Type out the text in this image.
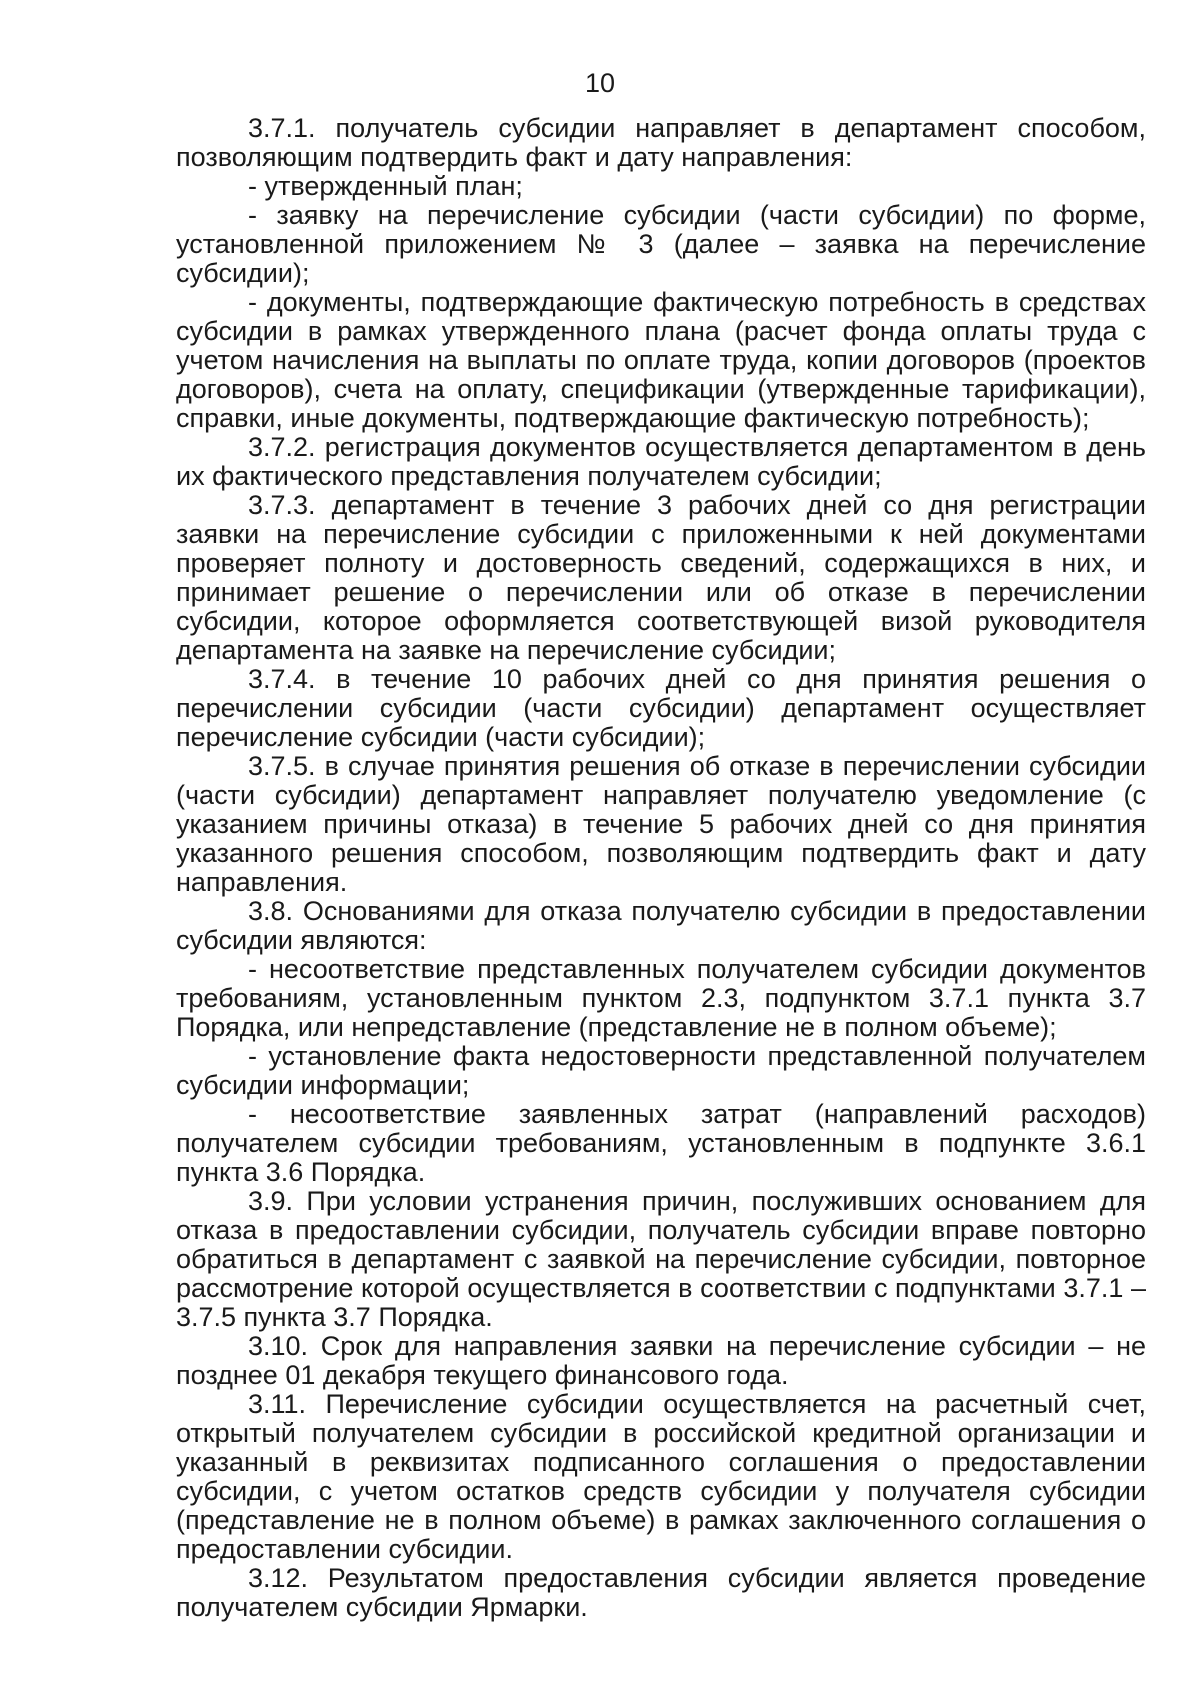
10

3.7.1. получатель субсидии направляет в департамент способом, позволяющим подтвердить факт и дату направления:

- утвержденный план;

- заявку на перечисление субсидии (части субсидии) по форме, установленной приложением № 3 (далее – заявка на перечисление субсидии);

- документы, подтверждающие фактическую потребность в средствах субсидии в рамках утвержденного плана (расчет фонда оплаты труда с учетом начисления на выплаты по оплате труда, копии договоров (проектов договоров), счета на оплату, спецификации (утвержденные тарификации), справки, иные документы, подтверждающие фактическую потребность);

3.7.2. регистрация документов осуществляется департаментом в день их фактического представления получателем субсидии;

3.7.3. департамент в течение 3 рабочих дней со дня регистрации заявки на перечисление субсидии с приложенными к ней документами проверяет полноту и достоверность сведений, содержащихся в них, и принимает решение о перечислении или об отказе в перечислении субсидии, которое оформляется соответствующей визой руководителя департамента на заявке на перечисление субсидии;

3.7.4. в течение 10 рабочих дней со дня принятия решения о перечислении субсидии (части субсидии) департамент осуществляет перечисление субсидии (части субсидии);

3.7.5. в случае принятия решения об отказе в перечислении субсидии (части субсидии) департамент направляет получателю уведомление (с указанием причины отказа) в течение 5 рабочих дней со дня принятия указанного решения способом, позволяющим подтвердить факт и дату направления.

3.8. Основаниями для отказа получателю субсидии в предоставлении субсидии являются:

- несоответствие представленных получателем субсидии документов требованиям, установленным пунктом 2.3, подпунктом 3.7.1 пункта 3.7 Порядка, или непредставление (представление не в полном объеме);

- установление факта недостоверности представленной получателем субсидии информации;

- несоответствие заявленных затрат (направлений расходов) получателем субсидии требованиям, установленным в подпункте 3.6.1 пункта 3.6 Порядка.

3.9. При условии устранения причин, послуживших основанием для отказа в предоставлении субсидии, получатель субсидии вправе повторно обратиться в департамент с заявкой на перечисление субсидии, повторное рассмотрение которой осуществляется в соответствии с подпунктами 3.7.1 – 3.7.5 пункта 3.7 Порядка.

3.10. Срок для направления заявки на перечисление субсидии – не позднее 01 декабря текущего финансового года.

3.11. Перечисление субсидии осуществляется на расчетный счет, открытый получателем субсидии в российской кредитной организации и указанный в реквизитах подписанного соглашения о предоставлении субсидии, с учетом остатков средств субсидии у получателя субсидии (представление не в полном объеме) в рамках заключенного соглашения о предоставлении субсидии.

3.12. Результатом предоставления субсидии является проведение получателем субсидии Ярмарки.
